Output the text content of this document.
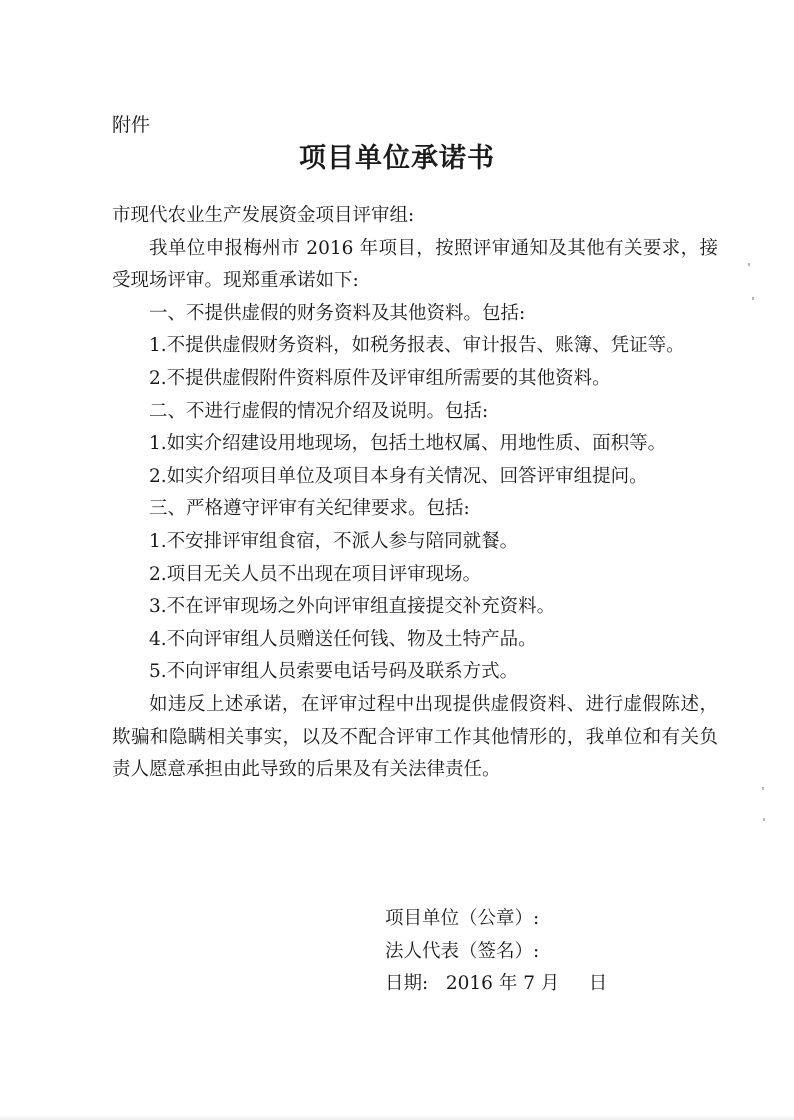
附件
项目单位承诺书

市现代农业生产发展资金项目评审组:

我单位申报梅州市 2016 年项目，按照评审通知及其他有关要求，接受现场评审。现郑重承诺如下:

一、不提供虚假的财务资料及其他资料。包括:

1.不提供虚假财务资料，如税务报表、审计报告、账簿、凭证等。

2.不提供虚假附件资料原件及评审组所需要的其他资料。

二、不进行虚假的情况介绍及说明。包括:

1.如实介绍建设用地现场，包括土地权属、用地性质、面积等。

2.如实介绍项目单位及项目本身有关情况、回答评审组提问。

三、严格遵守评审有关纪律要求。包括:

1.不安排评审组食宿，不派人参与陪同就餐。

2.项目无关人员不出现在项目评审现场。

3.不在评审现场之外向评审组直接提交补充资料。

4.不向评审组人员赠送任何钱、物及土特产品。

5.不向评审组人员索要电话号码及联系方式。

如违反上述承诺，在评审过程中出现提供虚假资料、进行虚假陈述，欺骗和隐瞒相关事实，以及不配合评审工作其他情形的，我单位和有关负责人愿意承担由此导致的后果及有关法律责任。

项目单位（公章）:
法人代表（签名）:
日期:   2016 年 7 月     日
